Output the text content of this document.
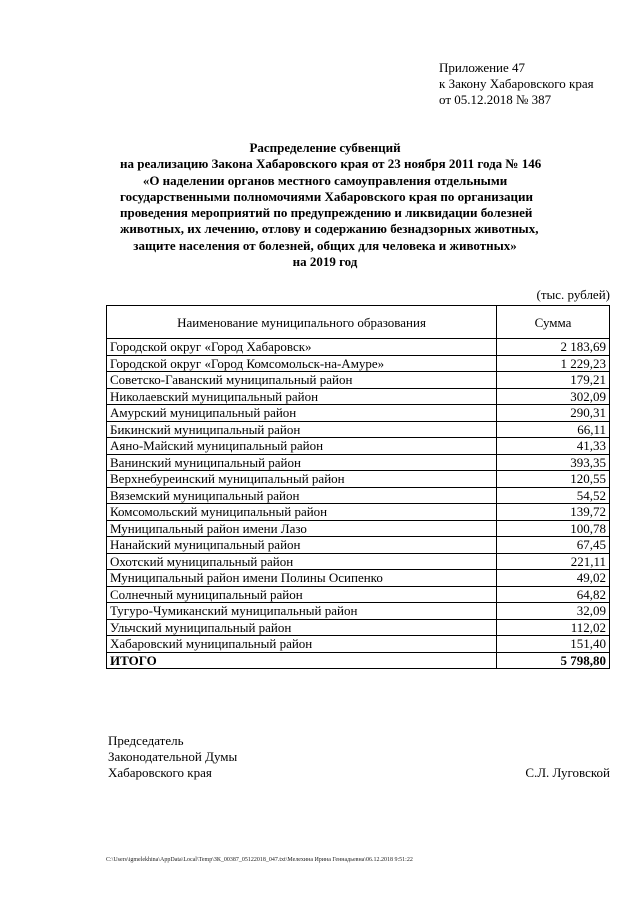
Приложение 47
к Закону Хабаровского края
от 05.12.2018 № 387
Распределение субвенций
на реализацию Закона Хабаровского края от 23 ноября 2011 года № 146
«О наделении органов местного самоуправления отдельными
государственными полномочиями Хабаровского края по организации
проведения мероприятий по предупреждению и ликвидации болезней
животных, их лечению, отлову и содержанию безнадзорных животных,
защите населения от болезней, общих для человека и животных»
на 2019 год
(тыс. рублей)
Наименование муниципального образования	Сумма
Городской округ «Город Хабаровск»	2 183,69
Городской округ «Город Комсомольск-на-Амуре»	1 229,23
Советско-Гаванский муниципальный район	179,21
Николаевский муниципальный район	302,09
Амурский муниципальный район	290,31
Бикинский муниципальный район	66,11
Аяно-Майский муниципальный район	41,33
Ванинский муниципальный район	393,35
Верхнебуреинский муниципальный район	120,55
Вяземский муниципальный район	54,52
Комсомольский муниципальный район	139,72
Муниципальный район имени Лазо	100,78
Нанайский муниципальный район	67,45
Охотский муниципальный район	221,11
Муниципальный район имени Полины Осипенко	49,02
Солнечный муниципальный район	64,82
Тугуро-Чумиканский муниципальный район	32,09
Ульчский муниципальный район	112,02
Хабаровский муниципальный район	151,40
ИТОГО	5 798,80
Председатель
Законодательной Думы
Хабаровского края	С.Л. Луговской
C:\Users\igmelekhina\AppData\Local\Temp\ЗК_00387_05122018_047.txt\Мелехина Ирина Геннадьевна\06.12.2018 9:51:22
